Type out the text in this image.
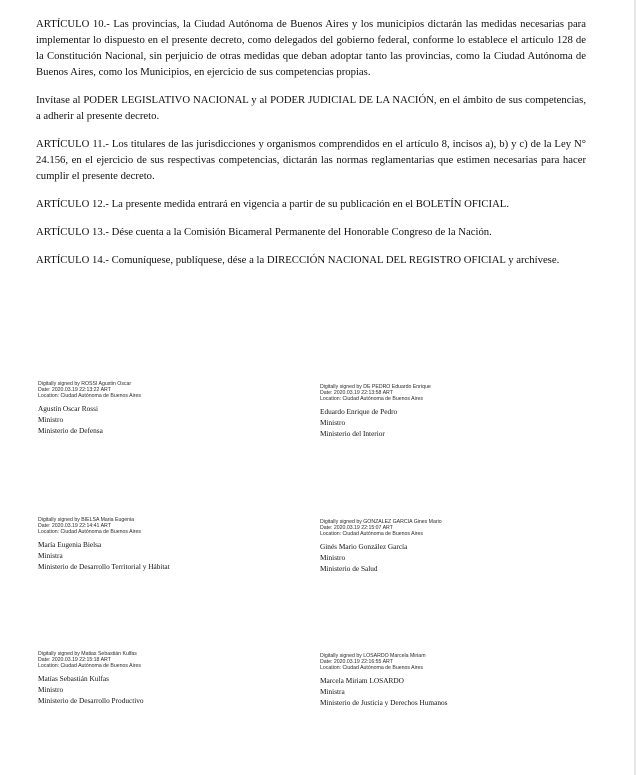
ARTÍCULO 10.- Las provincias, la Ciudad Autónoma de Buenos Aires y los municipios dictarán las medidas necesarias para implementar lo dispuesto en el presente decreto, como delegados del gobierno federal, conforme lo establece el artículo 128 de la Constitución Nacional, sin perjuicio de otras medidas que deban adoptar tanto las provincias, como la Ciudad Autónoma de Buenos Aires, como los Municipios, en ejercicio de sus competencias propias.

Invítase al PODER LEGISLATIVO NACIONAL y al PODER JUDICIAL DE LA NACIÓN, en el ámbito de sus competencias, a adherir al presente decreto.

ARTÍCULO 11.- Los titulares de las jurisdicciones y organismos comprendidos en el artículo 8, incisos a), b) y c) de la Ley N° 24.156, en el ejercicio de sus respectivas competencias, dictarán las normas reglamentarias que estimen necesarias para hacer cumplir el presente decreto.

ARTÍCULO 12.- La presente medida entrará en vigencia a partir de su publicación en el BOLETÍN OFICIAL.

ARTÍCULO 13.- Dése cuenta a la Comisión Bicameral Permanente del Honorable Congreso de la Nación.

ARTÍCULO 14.- Comuníquese, publíquese, dése a la DIRECCIÓN NACIONAL DEL REGISTRO OFICIAL y archívese.

Digitally signed by ROSSI Agustin Oscar
Date: 2020.03.19 22:13:22 ART
Location: Ciudad Autónoma de Buenos Aires
Agustín Oscar Rossi
Ministro
Ministerio de Defensa
Digitally signed by DE PEDRO Eduardo Enrique
Date: 2020.03.19 22:13:58 ART
Location: Ciudad Autónoma de Buenos Aires
Eduardo Enrique de Pedro
Ministro
Ministerio del Interior
Digitally signed by BIELSA Maria Eugenia
Date: 2020.03.19 22:14:41 ART
Location: Ciudad Autónoma de Buenos Aires
María Eugenia Bielsa
Ministra
Ministerio de Desarrollo Territorial y Hábitat
Digitally signed by GONZALEZ GARCIA Gines Mario
Date: 2020.03.19 22:15:07 ART
Location: Ciudad Autónoma de Buenos Aires
Ginés Mario González García
Ministro
Ministerio de Salud
Digitally signed by Matias Sebastián Kulfas
Date: 2020.03.19 22:15:18 ART
Location: Ciudad Autónoma de Buenos Aires
Matías Sebastián Kulfas
Ministro
Ministerio de Desarrollo Productivo
Digitally signed by LOSARDO Marcela Miriam
Date: 2020.03.19 22:16:55 ART
Location: Ciudad Autónoma de Buenos Aires
Marcela Miriam LOSARDO
Ministra
Ministerio de Justicia y Derechos Humanos
